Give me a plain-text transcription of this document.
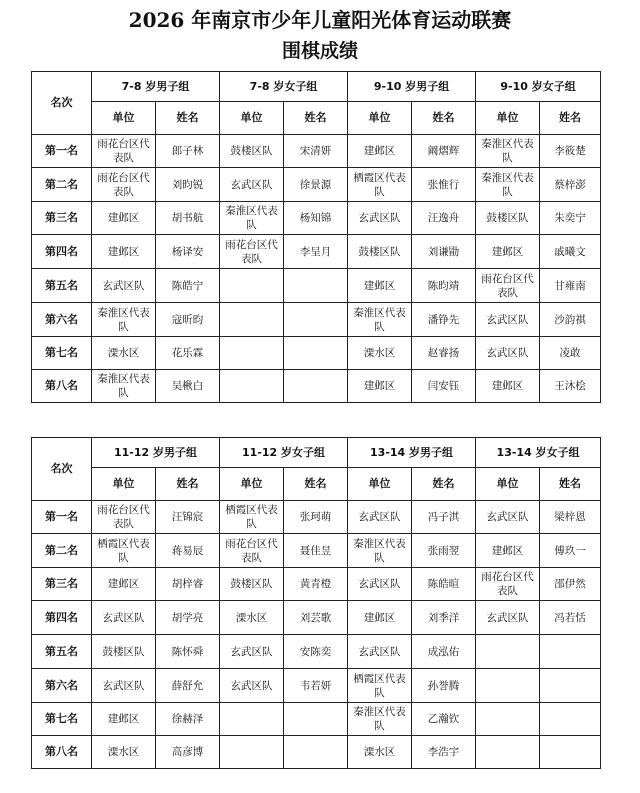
2026 年南京市少年儿童阳光体育运动联赛
围棋成绩
名次	7-8 岁男子组		7-8 岁女子组		9-10 岁男子组		9-10 岁女子组	
	单位	姓名	单位	姓名	单位	姓名	单位	姓名
第一名	雨花台区代表队	郎子林	鼓楼区队	宋清妍	建邺区	阚熠辉	秦淮区代表队	李筱楚
第二名	雨花台区代表队	刘昀锐	玄武区队	徐景源	栖霞区代表队	张惟行	秦淮区代表队	蔡梓澎
第三名	建邺区	胡书航	秦淮区代表队	杨知锦	玄武区队	汪逸舟	鼓楼区队	朱奕宁
第四名	建邺区	杨译安	雨花台区代表队	李呈月	鼓楼区队	刘谦勖	建邺区	戚曦文
第五名	玄武区队	陈皓宁			建邺区	陈昀靖	雨花台区代表队	甘雍南
第六名	秦淮区代表队	寇昕昀			秦淮区代表队	潘铮先	玄武区队	沙韵祺
第七名	溧水区	花乐霖			溧水区	赵睿扬	玄武区队	凌敢
第八名	秦淮区代表队	吴楸白			建邺区	闫安钰	建邺区	王沐桧
名次	11-12 岁男子组		11-12 岁女子组		13-14 岁男子组		13-14 岁女子组	
	单位	姓名	单位	姓名	单位	姓名	单位	姓名
第一名	雨花台区代表队	汪锦宸	栖霞区代表队	张珂萌	玄武区队	冯子淇	玄武区队	梁梓恩
第二名	栖霞区代表队	蒋易辰	雨花台区代表队	聂佳昱	秦淮区代表队	张雨翌	建邺区	傅玖一
第三名	建邺区	胡梓睿	鼓楼区队	黄青橙	玄武区队	陈皓暄	雨花台区代表队	邵伊然
第四名	玄武区队	胡学亮	溧水区	刘芸歌	建邺区	刘季洋	玄武区队	冯若恬
第五名	鼓楼区队	陈怀舜	玄武区队	安陈奕	玄武区队	成泓佑		
第六名	玄武区队	薛舒允	玄武区队	韦若妍	栖霞区代表队	孙誉腾		
第七名	建邺区	徐赫泽			秦淮区代表队	乙瀚钦		
第八名	溧水区	高彦博			溧水区	李浩宇		
